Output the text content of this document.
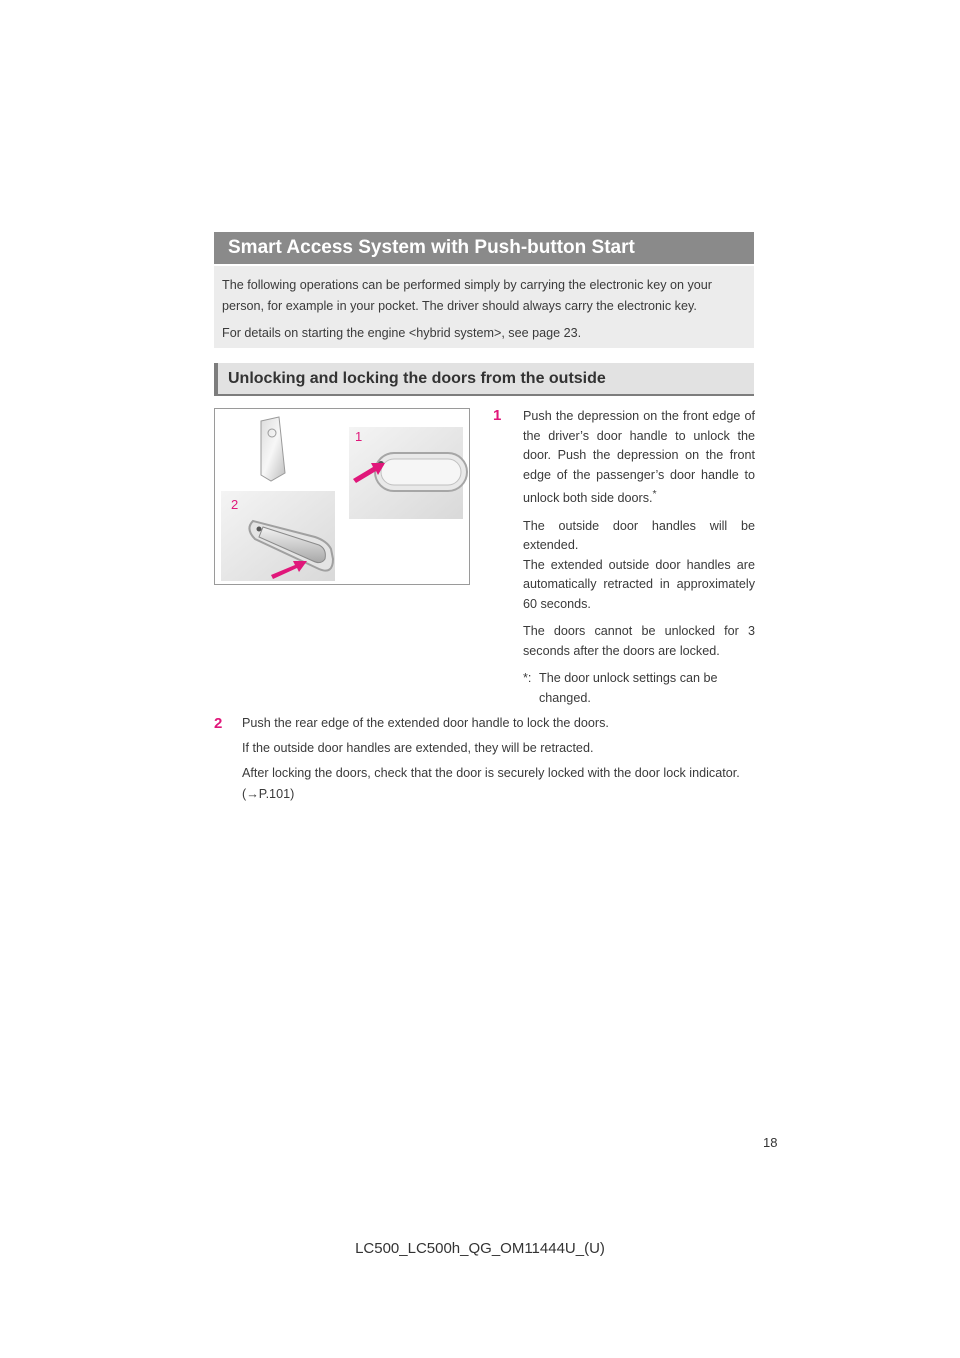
Smart Access System with Push-button Start

The following operations can be performed simply by carrying the electronic key on your person, for example in your pocket. The driver should always carry the electronic key.

For details on starting the engine <hybrid system>, see page 23.

Unlocking and locking the doors from the outside
1
2
1 Push the depression on the front edge of the driver’s door handle to unlock the door. Push the depression on the front edge of the passenger’s door handle to unlock both side doors.*
The outside door handles will be extended.
The extended outside door handles are automatically retracted in approximately 60 seconds.
The doors cannot be unlocked for 3 seconds after the doors are locked.
*: The door unlock settings can be changed.
2 Push the rear edge of the extended door handle to lock the doors.
If the outside door handles are extended, they will be retracted.
After locking the doors, check that the door is securely locked with the door lock indicator. (→P.101)
18
LC500_LC500h_QG_OM11444U_(U)
